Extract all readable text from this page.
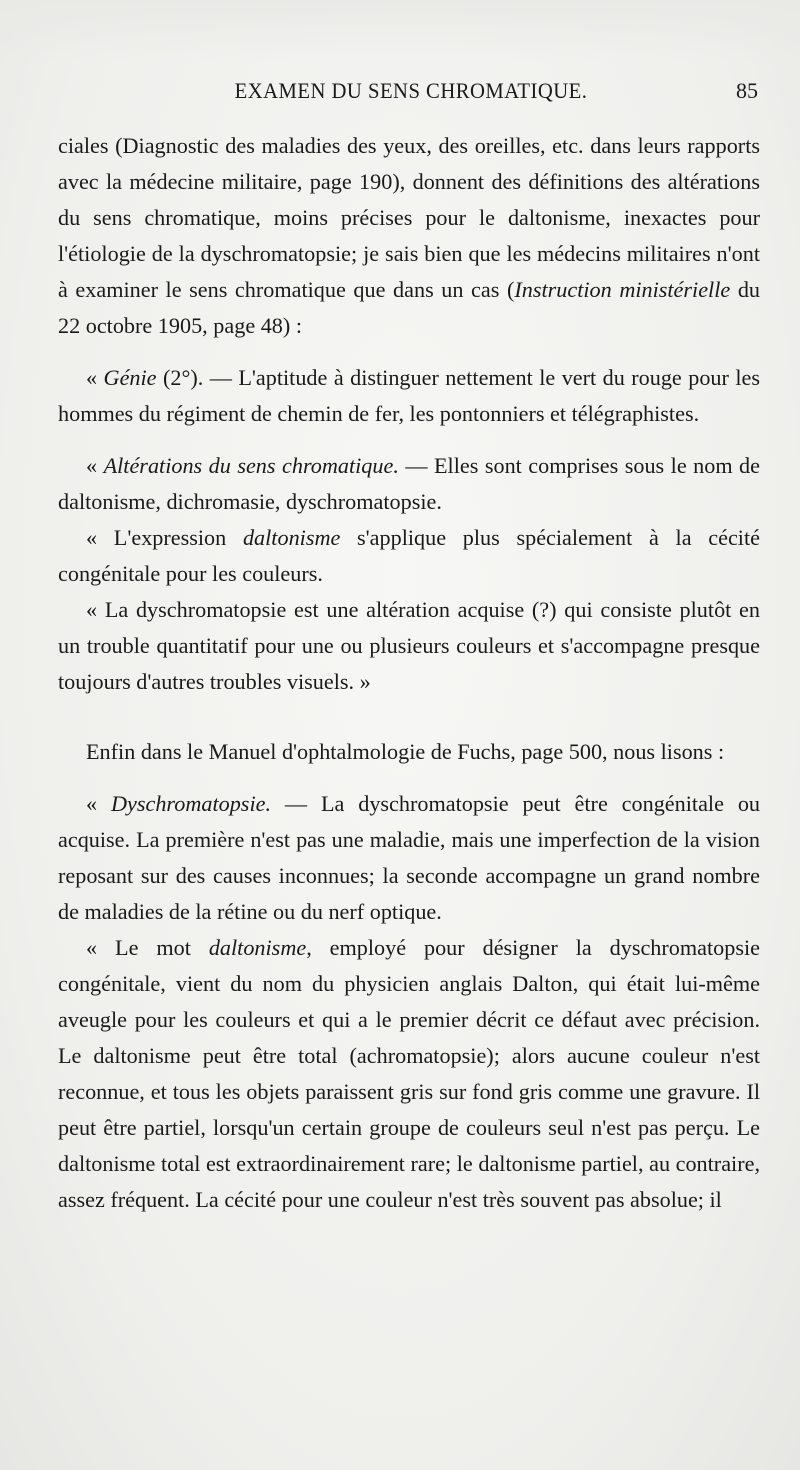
EXAMEN DU SENS CHROMATIQUE.	85

ciales (Diagnostic des maladies des yeux, des oreilles, etc. dans leurs rapports avec la médecine militaire, page 190), donnent des définitions des altérations du sens chromatique, moins précises pour le daltonisme, inexactes pour l'étiologie de la dyschromatopsie; je sais bien que les médecins militaires n'ont à examiner le sens chromatique que dans un cas (Instruction ministérielle du 22 octobre 1905, page 48) :

« Génie (2°). — L'aptitude à distinguer nettement le vert du rouge pour les hommes du régiment de chemin de fer, les pontonniers et télégraphistes.

« Altérations du sens chromatique. — Elles sont comprises sous le nom de daltonisme, dichromasie, dyschromatopsie.

« L'expression daltonisme s'applique plus spécialement à la cécité congénitale pour les couleurs.

« La dyschromatopsie est une altération acquise (?) qui consiste plutôt en un trouble quantitatif pour une ou plusieurs couleurs et s'accompagne presque toujours d'autres troubles visuels. »

Enfin dans le Manuel d'ophtalmologie de Fuchs, page 500, nous lisons :

« Dyschromatopsie. — La dyschromatopsie peut être congénitale ou acquise. La première n'est pas une maladie, mais une imperfection de la vision reposant sur des causes inconnues; la seconde accompagne un grand nombre de maladies de la rétine ou du nerf optique.

« Le mot daltonisme, employé pour désigner la dyschromatopsie congénitale, vient du nom du physicien anglais Dalton, qui était lui-même aveugle pour les couleurs et qui a le premier décrit ce défaut avec précision. Le daltonisme peut être total (achromatopsie); alors aucune couleur n'est reconnue, et tous les objets paraissent gris sur fond gris comme une gravure. Il peut être partiel, lorsqu'un certain groupe de couleurs seul n'est pas perçu. Le daltonisme total est extraordinairement rare; le daltonisme partiel, au contraire, assez fréquent. La cécité pour une couleur n'est très souvent pas absolue; il
